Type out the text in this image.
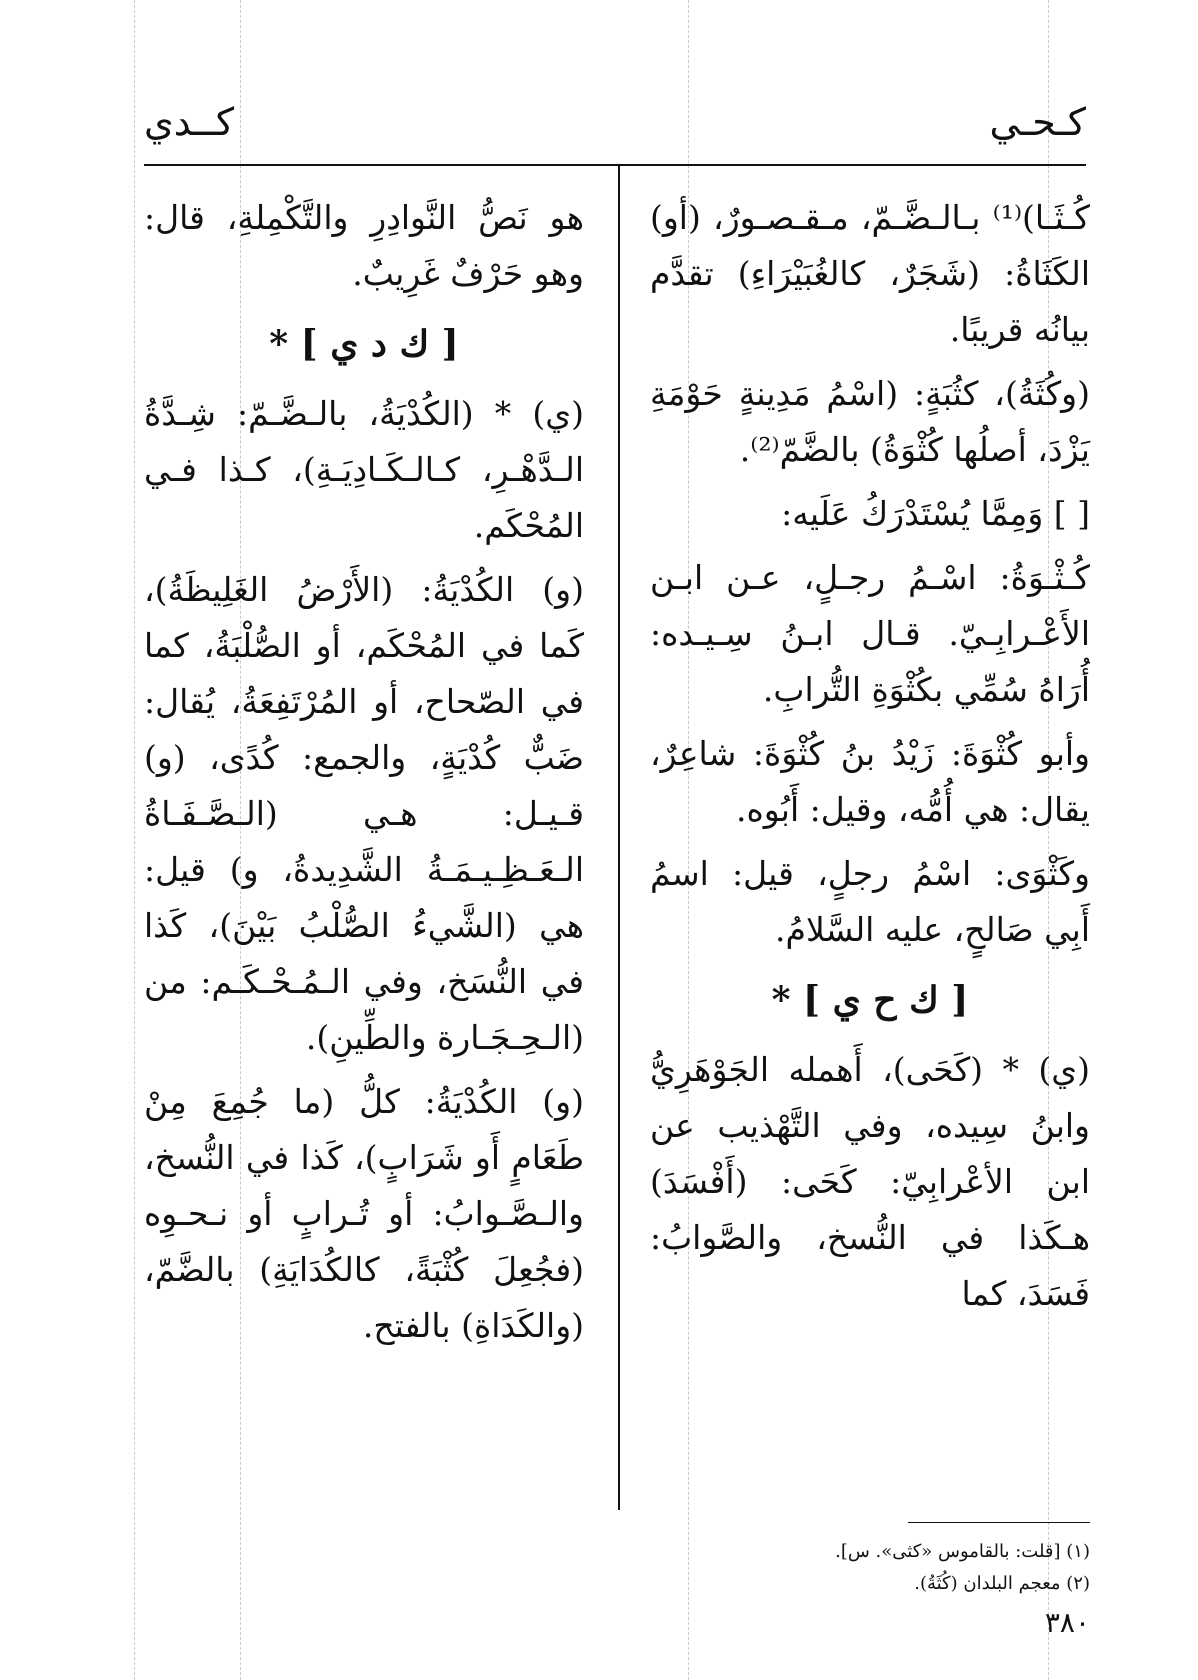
كـحـي
كــدي

كُـثَـا)⁽¹⁾ بـالـضَّـمّ، مـقـصـورٌ، (أو) الكَثَاةُ: (شَجَرٌ، كالغُبَيْرَاءِ) تقدَّم بيانُه قريبًا.

(وكُثَةُ)، كثُبَةٍ: (اسْمُ مَدِينةٍ حَوْمَةِ يَزْدَ، أصلُها كُثْوَةُ) بالضَّمّ⁽²⁾.

[ ] وَمِمَّا يُسْتَدْرَكُ عَلَيه:

كُـثْـوَةُ: اسْـمُ رجـلٍ، عـن ابـن الأَعْـرابِـيّ. قـال ابـنُ سِـيـده: أُرَاهُ سُمِّي بكُثْوَةِ التُّرابِ.

وأبو كُثْوَةَ: زَيْدُ بنُ كُثْوَةَ: شاعِرٌ، يقال: هي أُمُّه، وقيل: أَبُوه.

وكَثْوَى: اسْمُ رجلٍ، قيل: اسمُ أَبِي صَالحٍ، عليه السَّلامُ.

[ ك ح ي ] *

(ي) * (كَحَى)، أَهمله الجَوْهَرِيُّ وابنُ سِيده، وفي التَّهْذيب عن ابن الأعْرابِيّ: كَحَى: (أَفْسَدَ) هـكَذا في النُّسخ، والصَّوابُ: فَسَدَ، كما

هو نَصُّ النَّوادِرِ والتَّكْمِلةِ، قال: وهو حَرْفٌ غَرِيبٌ.

[ ك د ي ] *

(ي) * (الكُدْيَةُ، بالـضَّـمّ: شِـدَّةُ الـدَّهْـرِ، كـالـكَـادِيَـةِ)، كـذا فـي المُحْكَم.

(و) الكُدْيَةُ: (الأَرْضُ الغَلِيظَةُ)، كَما في المُحْكَم، أو الصُّلْبَةُ، كما في الصّحاح، أو المُرْتَفِعَةُ، يُقال: ضَبٌّ كُدْيَةٍ، والجمع: كُدًى، (و) قـيـل: هـي (الـصَّـفَـاةُ الـعَـظِـيـمَـةُ الشَّدِيدةُ، و) قيل: هي (الشَّيءُ الصُّلْبُ بَيْنَ)، كَذا في النُّسَخ، وفي الـمُـحْـكَـم: من (الـحِـجَـارة والطِّينِ).

(و) الكُدْيَةُ: كلُّ (ما جُمِعَ مِنْ طَعَامٍ أَو شَرَابٍ)، كَذا في النُّسخ، والـصَّـوابُ: أو تُـرابٍ أو نـحـوِه (فجُعِلَ كُثْبَةً، كالكُدَايَةِ) بالضَّمّ، (والكَدَاةِ) بالفتح.

(١) [قلت: بالقاموس «كثى». س].
(٢) معجم البلدان (كُثَةُ).
٣٨٠
